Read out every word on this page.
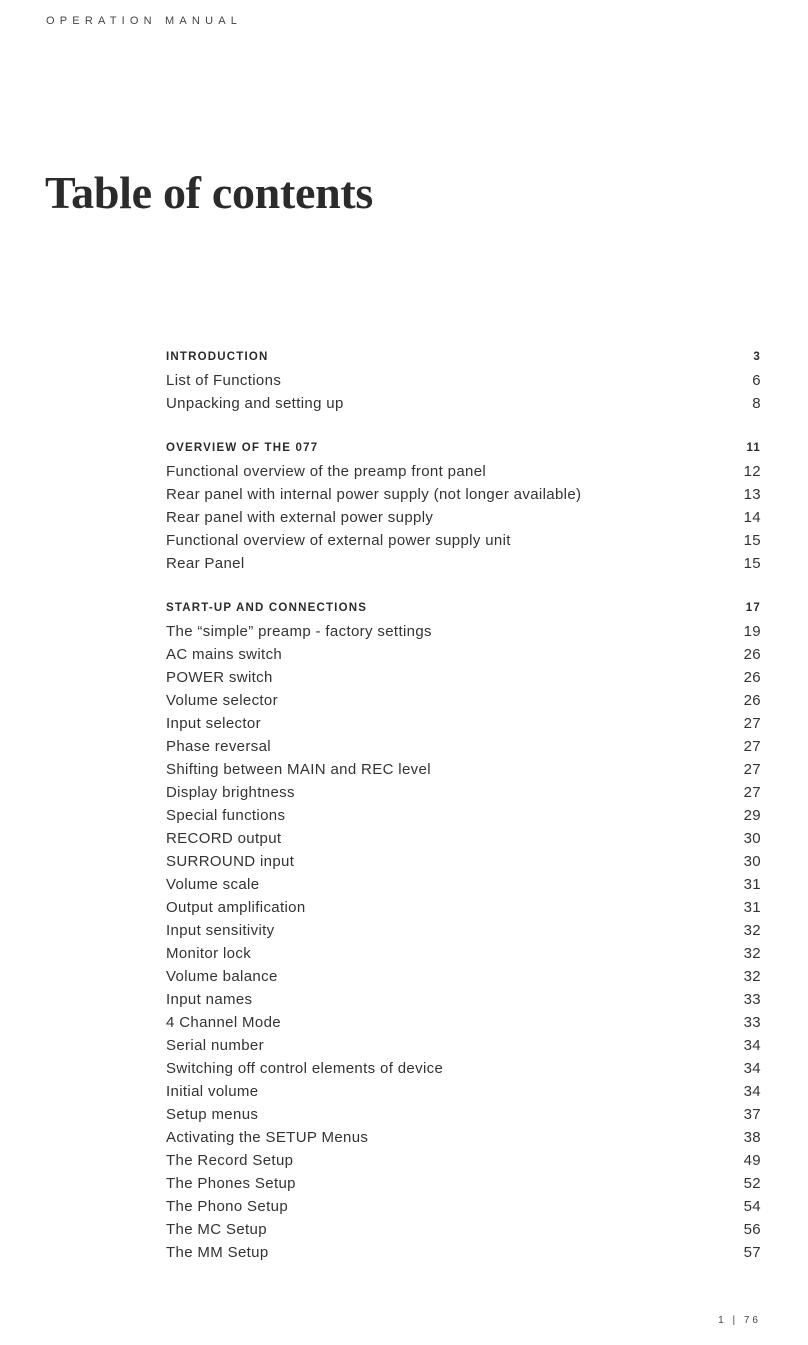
OPERATION MANUAL
Table of contents
INTRODUCTION	3
List of Functions	6
Unpacking and setting up	8
OVERVIEW OF THE 077	11
Functional overview of the preamp front panel	12
Rear panel with internal power supply (not longer available)	13
Rear panel with external power supply	14
Functional overview of external power supply unit	15
Rear Panel	15
START-UP AND CONNECTIONS	17
The “simple” preamp - factory settings	19
AC mains switch	26
POWER switch	26
Volume selector	26
Input selector	27
Phase reversal	27
Shifting between MAIN and REC level	27
Display brightness	27
Special functions	29
RECORD output	30
SURROUND input	30
Volume scale	31
Output amplification	31
Input sensitivity	32
Monitor lock	32
Volume balance	32
Input names	33
4 Channel Mode	33
Serial number	34
Switching off control elements of device	34
Initial volume	34
Setup menus	37
Activating the SETUP Menus	38
The Record Setup	49
The Phones Setup	52
The Phono Setup	54
The MC Setup	56
The MM Setup	57
1 | 76
